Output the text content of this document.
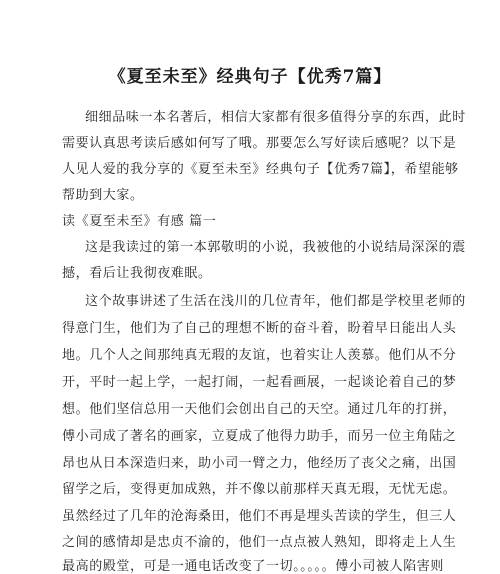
《夏至未至》经典句子【优秀7篇】
细细品味一本名著后，相信大家都有很多值得分享的东西，此时
需要认真思考读后感如何写了哦。那要怎么写好读后感呢？以下是
人见人爱的我分享的《夏至未至》经典句子【优秀7篇】，希望能够
帮助到大家。
读《夏至未至》有感 篇一
这是我读过的第一本郭敬明的小说，我被他的小说结局深深的震
撼，看后让我彻夜难眠。
这个故事讲述了生活在浅川的几位青年，他们都是学校里老师的
得意门生，他们为了自己的理想不断的奋斗着，盼着早日能出人头
地。几个人之间那纯真无瑕的友谊，也着实让人羡慕。他们从不分
开，平时一起上学，一起打闹，一起看画展，一起谈论着自己的梦
想。他们坚信总用一天他们会创出自己的天空。通过几年的打拼，
傅小司成了著名的画家，立夏成了他得力助手，而另一位主角陆之
昂也从日本深造归来，助小司一臂之力，他经历了丧父之痛，出国
留学之后，变得更加成熟，并不像以前那样天真无瑕，无忧无虑。
虽然经过了几年的沧海桑田，他们不再是埋头苦读的学生，但三人
之间的感情却是忠贞不渝的，他们一点点被人熟知，即将走上人生
最高的殿堂，可是一通电话改变了一切。。。。。傅小司被人陷害则
